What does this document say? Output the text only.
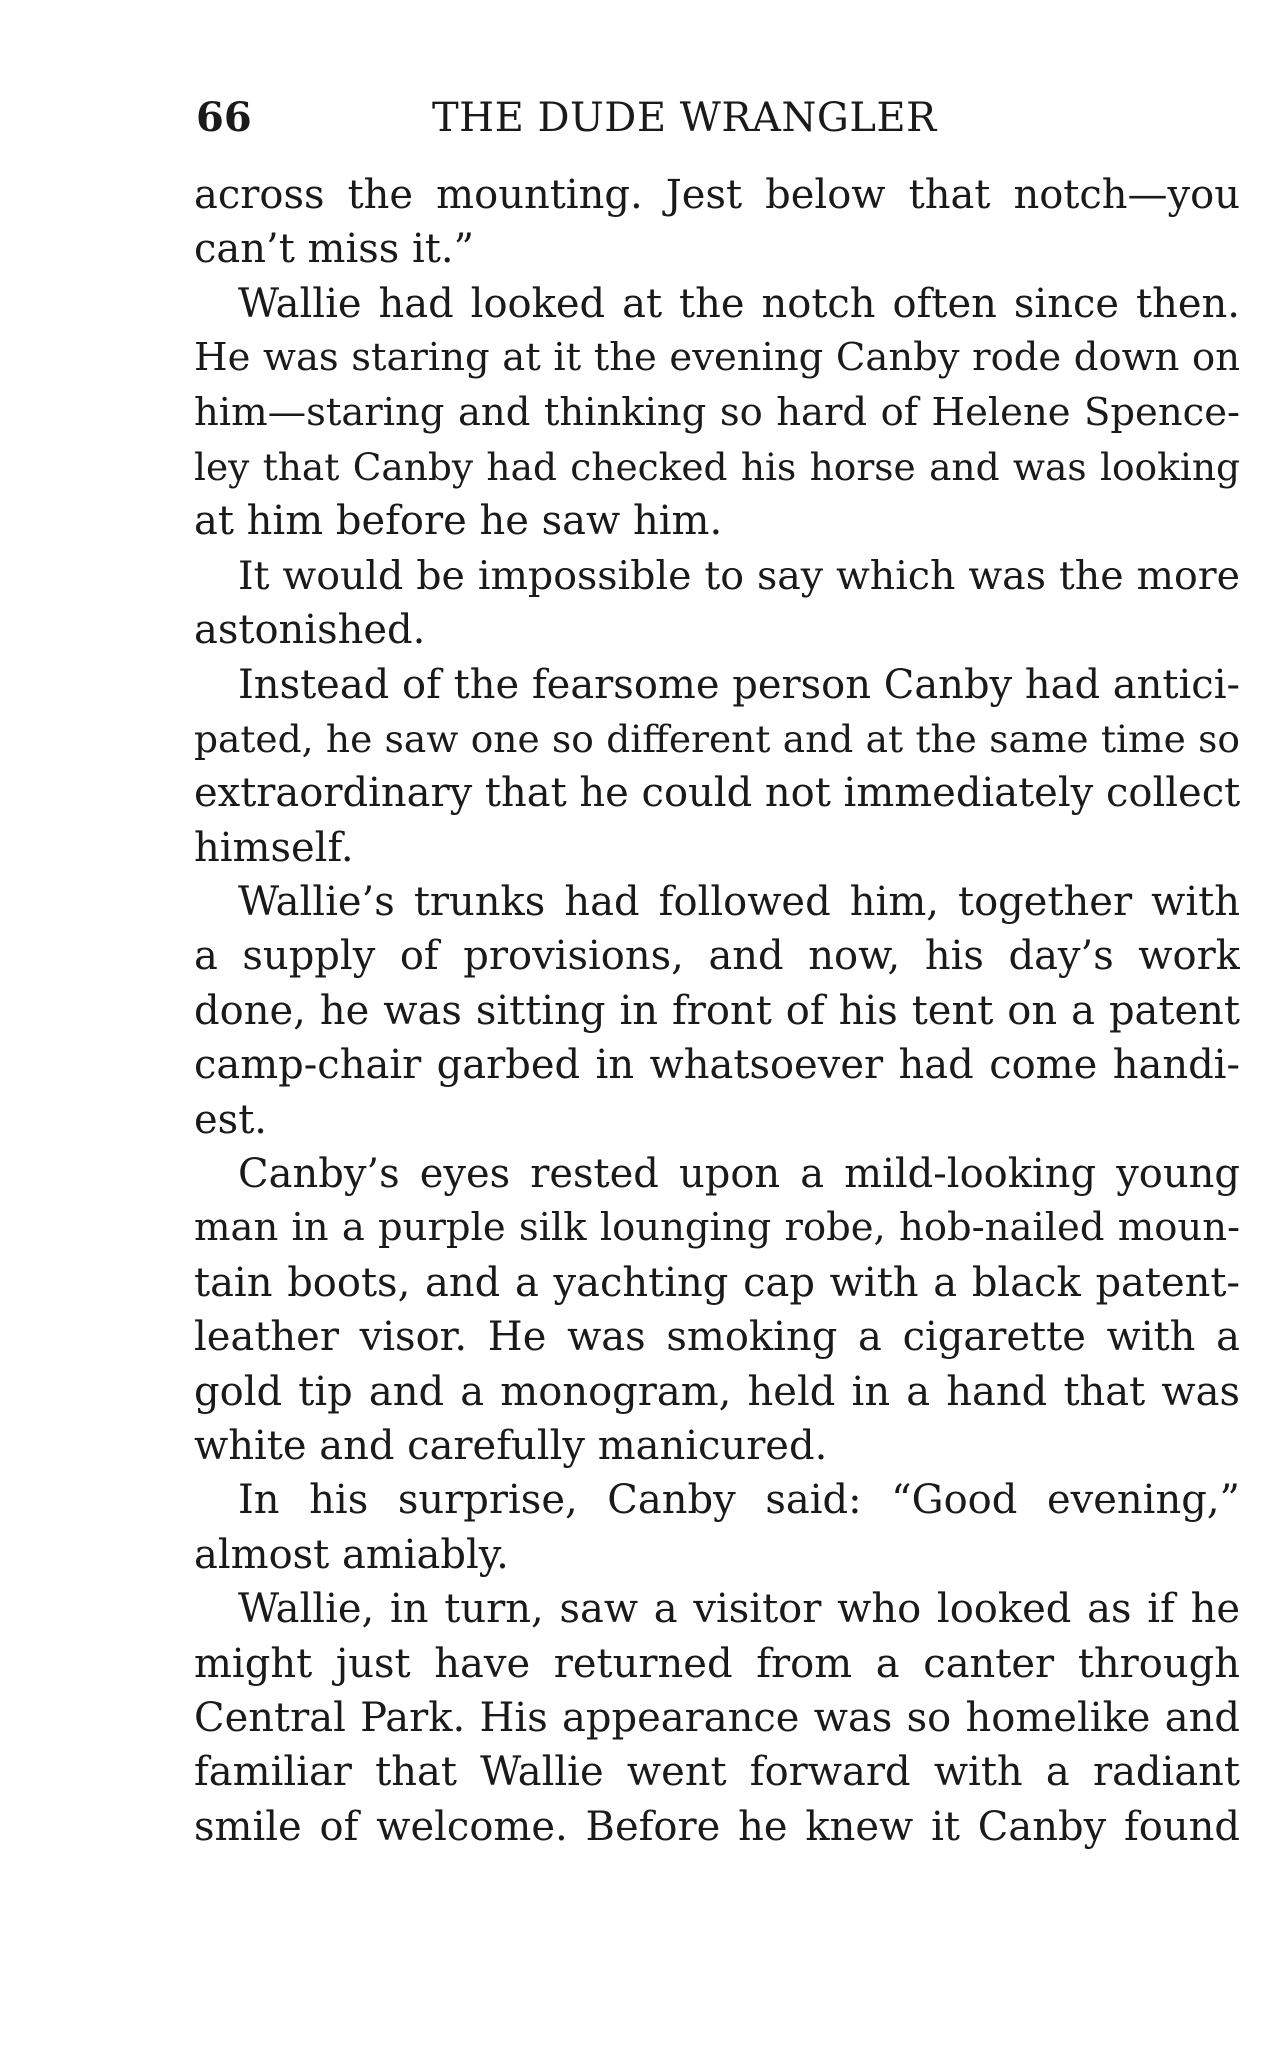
66	THE DUDE WRANGLER
across the mounting. Jest below that notch—you
can’t miss it.”
Wallie had looked at the notch often since then.
He was staring at it the evening Canby rode down on
him—staring and thinking so hard of Helene Spence-
ley that Canby had checked his horse and was looking
at him before he saw him.
It would be impossible to say which was the more
astonished.
Instead of the fearsome person Canby had antici-
pated, he saw one so different and at the same time so
extraordinary that he could not immediately collect
himself.
Wallie’s trunks had followed him, together with
a supply of provisions, and now, his day’s work
done, he was sitting in front of his tent on a patent
camp-chair garbed in whatsoever had come handi-
est.
Canby’s eyes rested upon a mild-looking young
man in a purple silk lounging robe, hob-nailed moun-
tain boots, and a yachting cap with a black patent-
leather visor. He was smoking a cigarette with a
gold tip and a monogram, held in a hand that was
white and carefully manicured.
In his surprise, Canby said: “Good evening,”
almost amiably.
Wallie, in turn, saw a visitor who looked as if he
might just have returned from a canter through
Central Park. His appearance was so homelike and
familiar that Wallie went forward with a radiant
smile of welcome. Before he knew it Canby found
